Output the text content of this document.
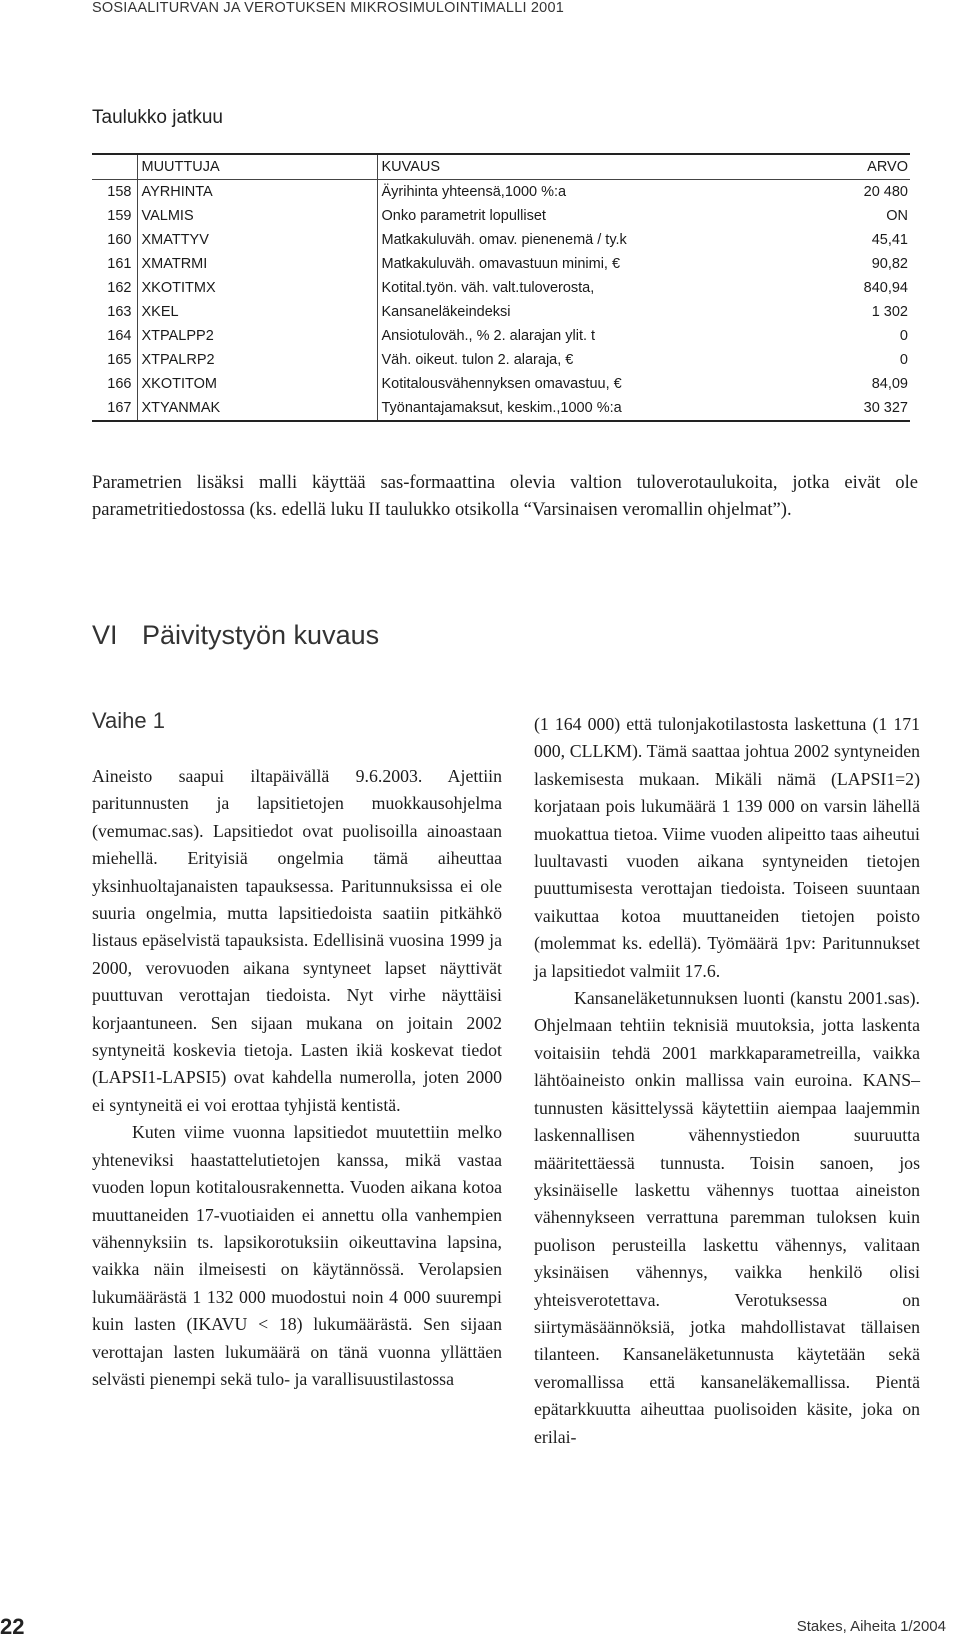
SOSIAALITURVAN JA VEROTUKSEN MIKROSIMULOINTIMALLI 2001

Taulukko jatkuu

	MUUTTUJA	KUVAUS	ARVO
158	AYRHINTA	Äyrihinta yhteensä,1000 %:a	20 480
159	VALMIS	Onko parametrit lopulliset	ON
160	XMATTYV	Matkakuluväh. omav. pienenemä / ty.k	45,41
161	XMATRMI	Matkakuluväh. omavastuun minimi, €	90,82
162	XKOTITMX	Kotital.työn. väh. valt.tuloverosta,	840,94
163	XKEL	Kansaneläkeindeksi	1 302
164	XTPALPP2	Ansiotuloväh., % 2. alarajan ylit. t	0
165	XTPALRP2	Väh. oikeut. tulon 2. alaraja, €	0
166	XKOTITOM	Kotitalousvähennyksen omavastuu, €	84,09
167	XTYANMAK	Työnantajamaksut, keskim.,1000 %:a	30 327

Parametrien lisäksi malli käyttää sas-formaattina olevia valtion tuloverotaulukoita, jotka eivät ole parametritiedostossa (ks. edellä luku II taulukko otsikolla “Varsinaisen veromallin ohjelmat”).

VI Päivitystyön kuvaus
Vaihe 1

Aineisto saapui iltapäivällä 9.6.2003. Ajettiin paritunnusten ja lapsitietojen muokkausohjelma (vemumac.sas). Lapsitiedot ovat puolisoilla ainoastaan miehellä. Erityisiä ongelmia tämä aiheuttaa yksinhuoltajanaisten tapauksessa. Paritunnuksissa ei ole suuria ongelmia, mutta lapsitiedoista saatiin pitkähkö listaus epäselvistä tapauksista. Edellisinä vuosina 1999 ja 2000, verovuoden aikana syntyneet lapset näyttivät puuttuvan verottajan tiedoista. Nyt virhe näyttäisi korjaantuneen. Sen sijaan mukana on joitain 2002 syntyneitä koskevia tietoja. Lasten ikiä koskevat tiedot (LAPSI1-LAPSI5) ovat kahdella numerolla, joten 2000 ei syntyneitä ei voi erottaa tyhjistä kentistä.

Kuten viime vuonna lapsitiedot muutettiin melko yhteneviksi haastattelutietojen kanssa, mikä vastaa vuoden lopun kotitalousrakennetta. Vuoden aikana kotoa muuttaneiden 17-vuotiaiden ei annettu olla vanhempien vähennyksiin ts. lapsikorotuksiin oikeuttavina lapsina, vaikka näin ilmeisesti on käytännössä. Verolapsien lukumäärästä 1 132 000 muodostui noin 4 000 suurempi kuin lasten (IKAVU < 18) lukumäärästä. Sen sijaan verottajan lasten lukumäärä on tänä vuonna yllättäen selvästi pienempi sekä tulo- ja varallisuustilastossa

(1 164 000) että tulonjakotilastosta laskettuna (1 171 000, CLLKM). Tämä saattaa johtua 2002 syntyneiden laskemisesta mukaan. Mikäli nämä (LAPSI1=2) korjataan pois lukumäärä 1 139 000 on varsin lähellä muokattua tietoa. Viime vuoden alipeitto taas aiheutui luultavasti vuoden aikana syntyneiden tietojen puuttumisesta verottajan tiedoista. Toiseen suuntaan vaikuttaa kotoa muuttaneiden tietojen poisto (molemmat ks. edellä). Työmäärä 1pv: Paritunnukset ja lapsitiedot valmiit 17.6.

Kansaneläketunnuksen luonti (kanstu 2001.sas). Ohjelmaan tehtiin teknisiä muutoksia, jotta laskenta voitaisiin tehdä 2001 markkaparametreilla, vaikka lähtöaineisto onkin mallissa vain euroina. KANS–tunnusten käsittelyssä käytettiin aiempaa laajemmin laskennallisen vähennystiedon suuruutta määritettäessä tunnusta. Toisin sanoen, jos yksinäiselle laskettu vähennys tuottaa aineiston vähennykseen verrattuna paremman tuloksen kuin puolison perusteilla laskettu vähennys, valitaan yksinäisen vähennys, vaikka henkilö olisi yhteisverotettava. Verotuksessa on siirtymäsäännöksiä, jotka mahdollistavat tällaisen tilanteen. Kansaneläketunnusta käytetään sekä veromallissa että kansaneläkemallissa. Pientä epätarkkuutta aiheuttaa puolisoiden käsite, joka on erilai-

22	Stakes, Aiheita 1/2004
